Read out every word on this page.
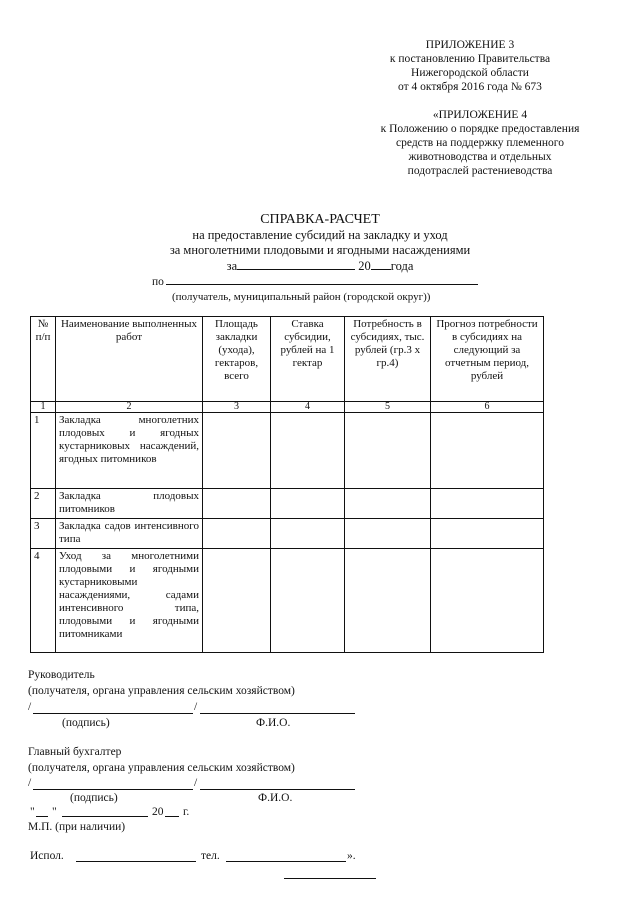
ПРИЛОЖЕНИЕ 3
к постановлению Правительства
Нижегородской области
от 4 октября 2016 года № 673
«ПРИЛОЖЕНИЕ 4
к Положению о порядке предоставления
средств на поддержку племенного
животноводства и отдельных
подотраслей растениеводства
СПРАВКА-РАСЧЕТ
на предоставление субсидий на закладку и уход
за многолетними плодовыми и ягодными насаждениями
за	20 года
по
(получатель, муниципальный район (городской округ))
№ п/п	Наименование выполненных работ	Площадь закладки (ухода), гектаров, всего	Ставка субсидии, рублей на 1 гектар	Потребность в субсидиях, тыс. рублей (гр.3 x гр.4)	Прогноз потребности в субсидиях на следующий за отчетным период, рублей
1	2	3	4	5	6
1	Закладка многолетних плодовых и ягодных кустарниковых насаждений, ягодных питомников				
2	Закладка плодовых питомников				
3	Закладка садов интенсивного типа				
4	Уход за многолетними плодовыми и ягодными кустарниковыми насаждениями, садами интенсивного типа, плодовыми и ягодными питомниками				
Руководитель
(получателя, органа управления сельским хозяйством)
/	/
(подпись)	Ф.И.О.
Главный бухгалтер
(получателя, органа управления сельским хозяйством)
/	/
(подпись)	Ф.И.О.
" "	20 г.
М.П. (при наличии)
Испол.	тел.	».
